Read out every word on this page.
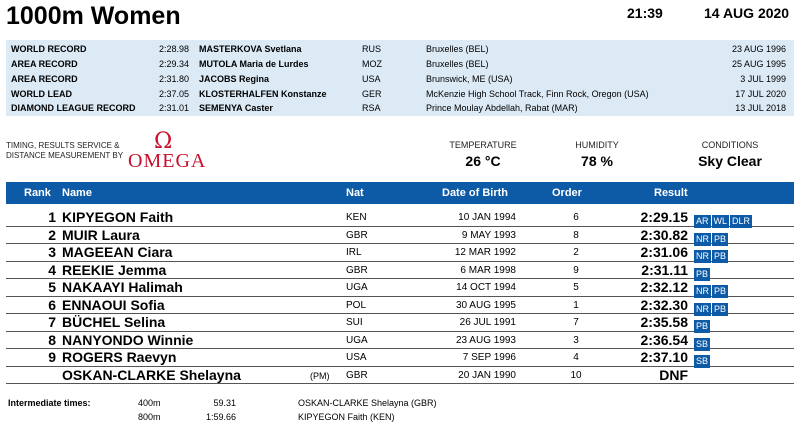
1000m Women	21:39	14 AUG 2020
WORLD RECORD	2:28.98 MASTERKOVA Svetlana	RUS	Bruxelles (BEL)	23 AUG 1996
AREA RECORD	2:29.34 MUTOLA Maria de Lurdes	MOZ	Bruxelles (BEL)	25 AUG 1995
AREA RECORD	2:31.80 JACOBS Regina	USA	Brunswick, ME (USA)	3 JUL 1999
WORLD LEAD	2:37.05 KLOSTERHALFEN Konstanze	GER	McKenzie High School Track, Finn Rock, Oregon (USA)	17 JUL 2020
DIAMOND LEAGUE RECORD	2:31.01 SEMENYA Caster	RSA	Prince Moulay Abdellah, Rabat (MAR)	13 JUL 2018
TIMING, RESULTS SERVICE & DISTANCE MEASUREMENT BY
Ω
OMEGA
TEMPERATURE
26 °C
HUMIDITY
78 %
CONDITIONS
Sky Clear
Rank Name	Nat	Date of Birth	Order	Result
1 KIPYEGON Faith	KEN	10 JAN 1994	6	2:29.15 AR WL DLR
2 MUIR Laura	GBR	9 MAY 1993	8	2:30.82 NR PB
3 MAGEEAN Ciara	IRL	12 MAR 1992	2	2:31.06 NR PB
4 REEKIE Jemma	GBR	6 MAR 1998	9	2:31.11 PB
5 NAKAAYI Halimah	UGA	14 OCT 1994	5	2:32.12 NR PB
6 ENNAOUI Sofia	POL	30 AUG 1995	1	2:32.30 NR PB
7 BÜCHEL Selina	SUI	26 JUL 1991	7	2:35.58 PB
8 NANYONDO Winnie	UGA	23 AUG 1993	3	2:36.54 SB
9 ROGERS Raevyn	USA	7 SEP 1996	4	2:37.10 SB
OSKAN-CLARKE Shelayna	(PM) GBR	20 JAN 1990	10	DNF
Intermediate times:	400m	59.31	OSKAN-CLARKE Shelayna (GBR)
800m	1:59.66	KIPYEGON Faith (KEN)
